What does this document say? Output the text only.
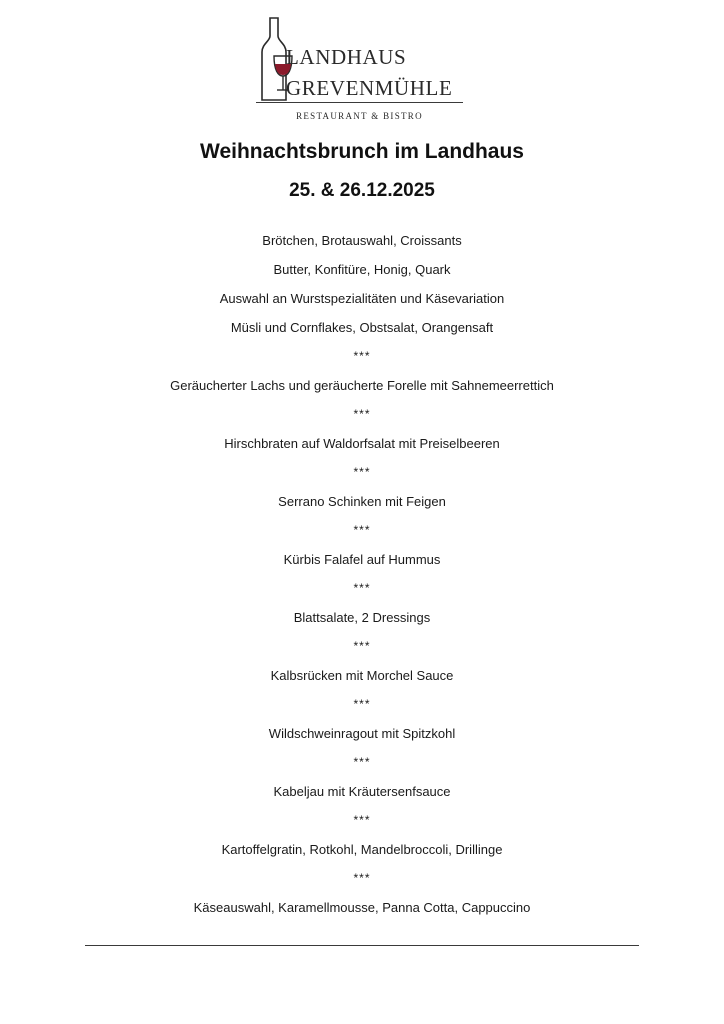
LANDHAUS
GREVENMÜHLE
RESTAURANT & BISTRO
Weihnachtsbrunch im Landhaus
25. & 26.12.2025
Brötchen, Brotauswahl, Croissants
Butter, Konfitüre, Honig, Quark
Auswahl an Wurstspezialitäten und Käsevariation
Müsli und Cornflakes, Obstsalat, Orangensaft
***
Geräucherter Lachs und geräucherte Forelle mit Sahnemeerrettich
***
Hirschbraten auf Waldorfsalat mit Preiselbeeren
***
Serrano Schinken mit Feigen
***
Kürbis Falafel auf Hummus
***
Blattsalate, 2 Dressings
***
Kalbsrücken mit Morchel Sauce
***
Wildschweinragout mit Spitzkohl
***
Kabeljau mit Kräutersenfsauce
***
Kartoffelgratin, Rotkohl, Mandelbroccoli, Drillinge
***
Käseauswahl, Karamellmousse, Panna Cotta, Cappuccino
